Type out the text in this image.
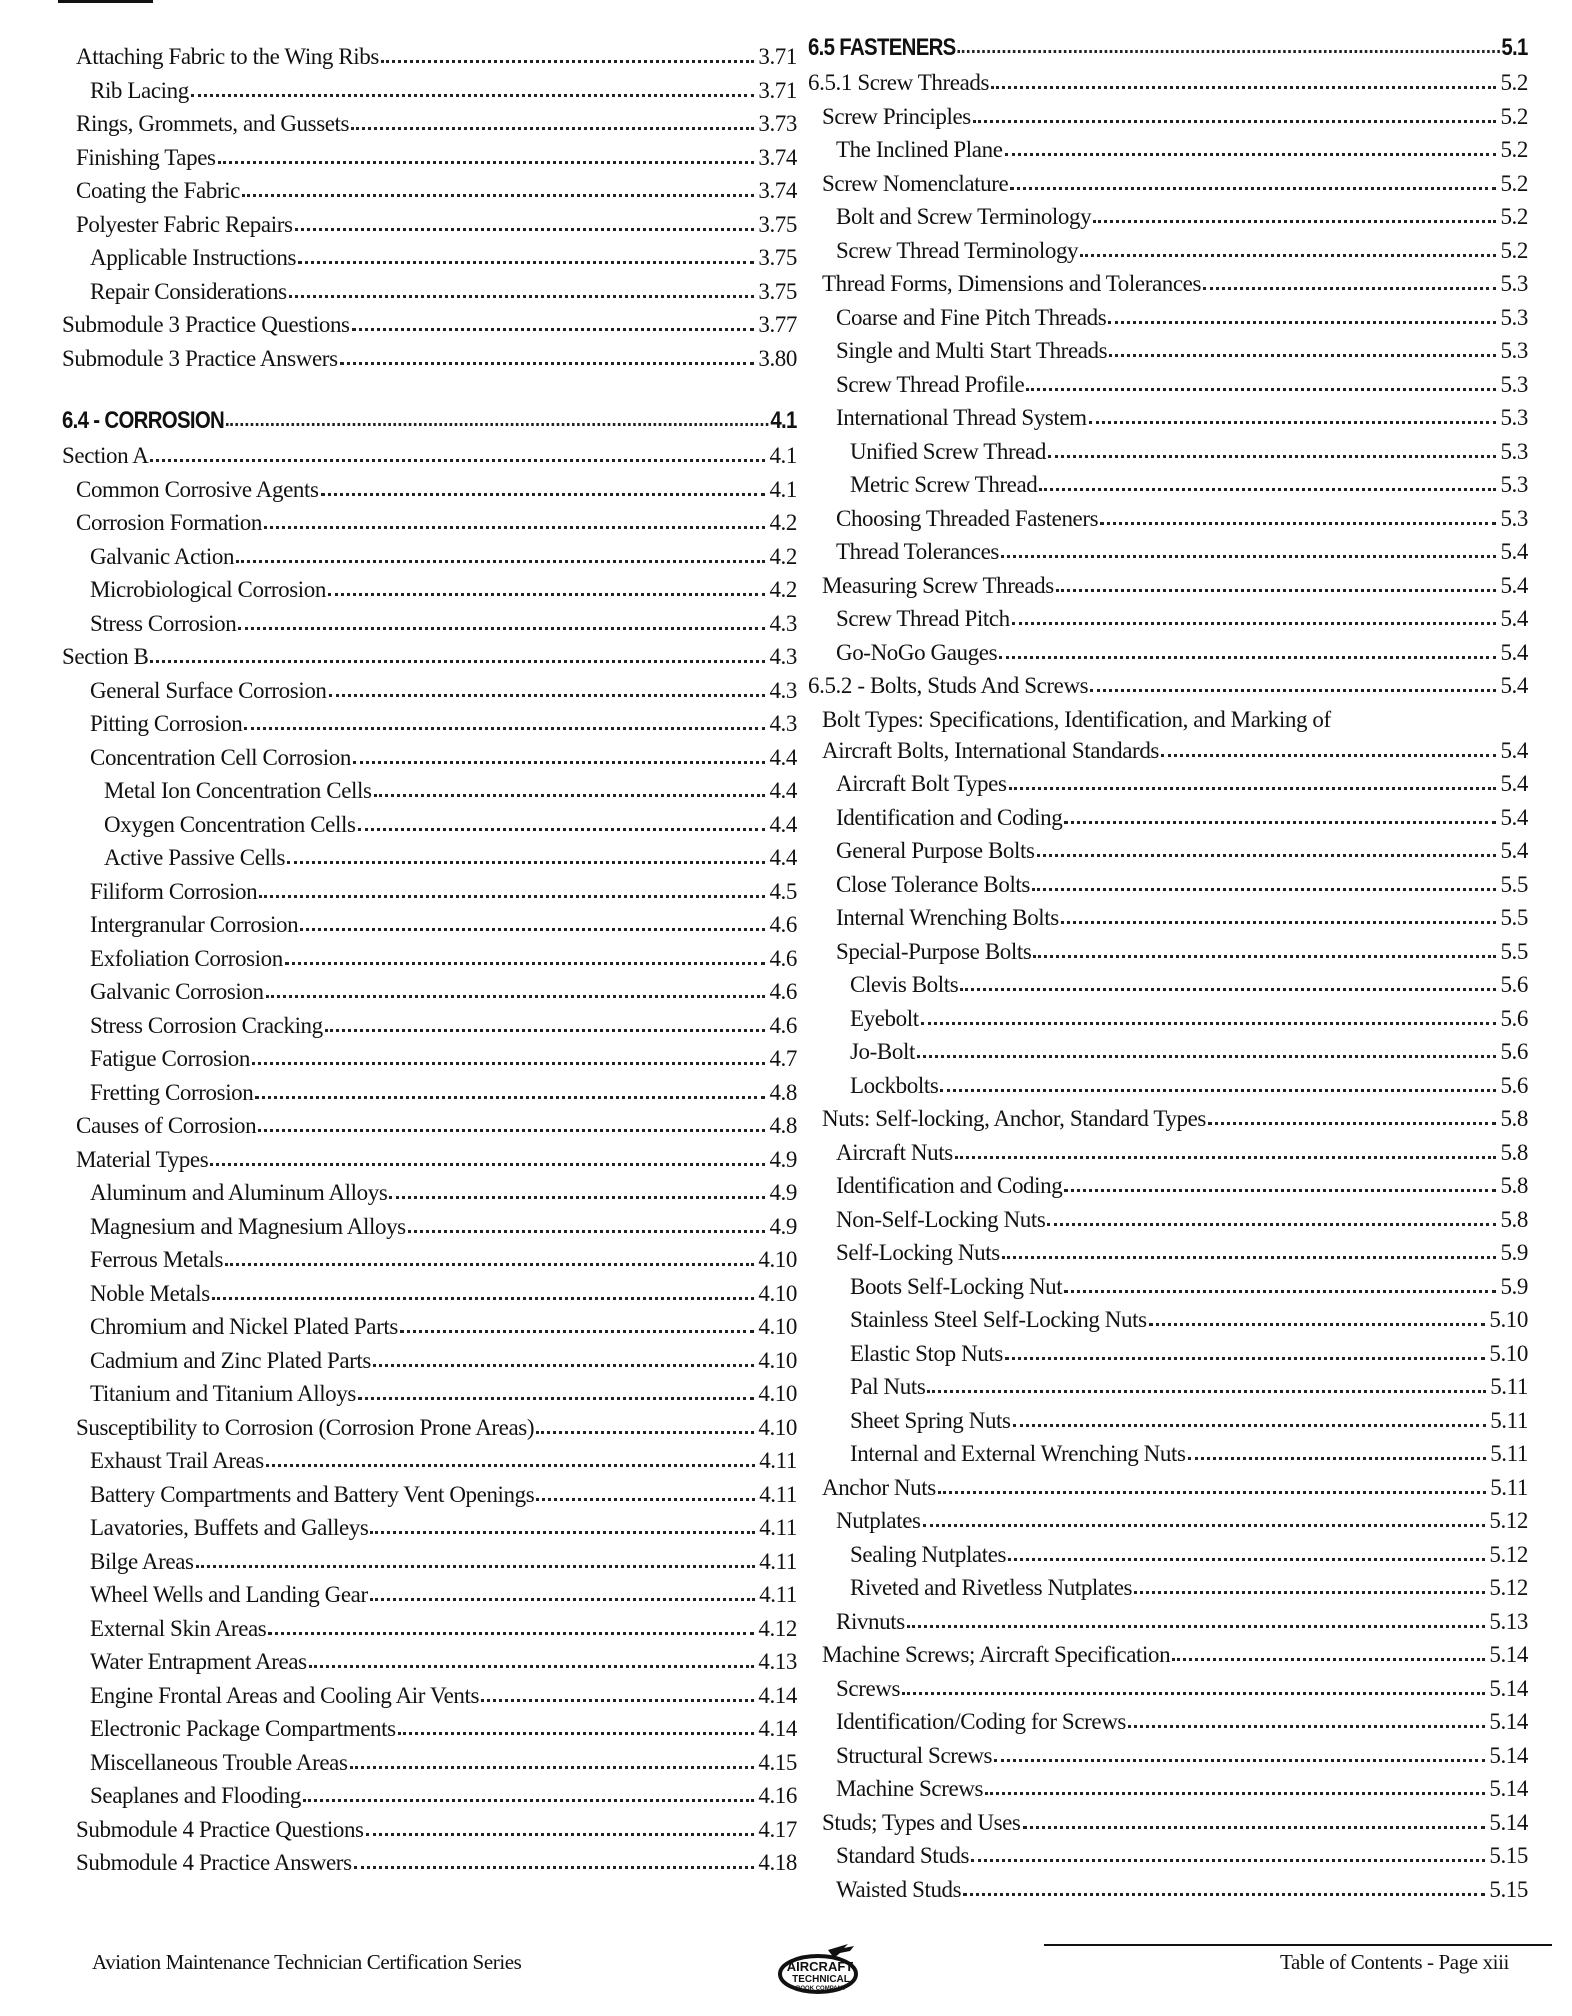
Attaching Fabric to the Wing Ribs	3.71
Rib Lacing	3.71
Rings, Grommets, and Gussets	3.73
Finishing Tapes	3.74
Coating the Fabric	3.74
Polyester Fabric Repairs	3.75
Applicable Instructions	3.75
Repair Considerations	3.75
Submodule 3 Practice Questions	3.77
Submodule 3 Practice Answers	3.80
6.4 - CORROSION	4.1
Section A	4.1
Common Corrosive Agents	4.1
Corrosion Formation	4.2
Galvanic Action	4.2
Microbiological Corrosion	4.2
Stress Corrosion	4.3
Section B	4.3
General Surface Corrosion	4.3
Pitting Corrosion	4.3
Concentration Cell Corrosion	4.4
Metal Ion Concentration Cells	4.4
Oxygen Concentration Cells	4.4
Active Passive Cells	4.4
Filiform Corrosion	4.5
Intergranular Corrosion	4.6
Exfoliation Corrosion	4.6
Galvanic Corrosion	4.6
Stress Corrosion Cracking	4.6
Fatigue Corrosion	4.7
Fretting Corrosion	4.8
Causes of Corrosion	4.8
Material Types	4.9
Aluminum and Aluminum Alloys	4.9
Magnesium and Magnesium Alloys	4.9
Ferrous Metals	4.10
Noble Metals	4.10
Chromium and Nickel Plated Parts	4.10
Cadmium and Zinc Plated Parts	4.10
Titanium and Titanium Alloys	4.10
Susceptibility to Corrosion (Corrosion Prone Areas)	4.10
Exhaust Trail Areas	4.11
Battery Compartments and Battery Vent Openings	4.11
Lavatories, Buffets and Galleys	4.11
Bilge Areas	4.11
Wheel Wells and Landing Gear	4.11
External Skin Areas	4.12
Water Entrapment Areas	4.13
Engine Frontal Areas and Cooling Air Vents	4.14
Electronic Package Compartments	4.14
Miscellaneous Trouble Areas	4.15
Seaplanes and Flooding	4.16
Submodule 4 Practice Questions	4.17
Submodule 4 Practice Answers	4.18
6.5 FASTENERS	5.1
6.5.1 Screw Threads	5.2
Screw Principles	5.2
The Inclined Plane	5.2
Screw Nomenclature	5.2
Bolt and Screw Terminology	5.2
Screw Thread Terminology	5.2
Thread Forms, Dimensions and Tolerances	5.3
Coarse and Fine Pitch Threads	5.3
Single and Multi Start Threads	5.3
Screw Thread Profile	5.3
International Thread System	5.3
Unified Screw Thread	5.3
Metric Screw Thread	5.3
Choosing Threaded Fasteners	5.3
Thread Tolerances	5.4
Measuring Screw Threads	5.4
Screw Thread Pitch	5.4
Go-NoGo Gauges	5.4
6.5.2 - Bolts, Studs And Screws	5.4
Bolt Types: Specifications, Identification, and Marking of
Aircraft Bolts, International Standards	5.4
Aircraft Bolt Types	5.4
Identification and Coding	5.4
General Purpose Bolts	5.4
Close Tolerance Bolts	5.5
Internal Wrenching Bolts	5.5
Special-Purpose Bolts	5.5
Clevis Bolts	5.6
Eyebolt	5.6
Jo-Bolt	5.6
Lockbolts	5.6
Nuts: Self-locking, Anchor, Standard Types	5.8
Aircraft Nuts	5.8
Identification and Coding	5.8
Non-Self-Locking Nuts	5.8
Self-Locking Nuts	5.9
Boots Self-Locking Nut	5.9
Stainless Steel Self-Locking Nuts	5.10
Elastic Stop Nuts	5.10
Pal Nuts	5.11
Sheet Spring Nuts	5.11
Internal and External Wrenching Nuts	5.11
Anchor Nuts	5.11
Nutplates	5.12
Sealing Nutplates	5.12
Riveted and Rivetless Nutplates	5.12
Rivnuts	5.13
Machine Screws; Aircraft Specification	5.14
Screws	5.14
Identification/Coding for Screws	5.14
Structural Screws	5.14
Machine Screws	5.14
Studs; Types and Uses	5.14
Standard Studs	5.15
Waisted Studs	5.15
Aviation Maintenance Technician Certification Series	AIRCRAFT
TECHNICAL
BOOK COMPANY
Table of Contents - Page xiii
